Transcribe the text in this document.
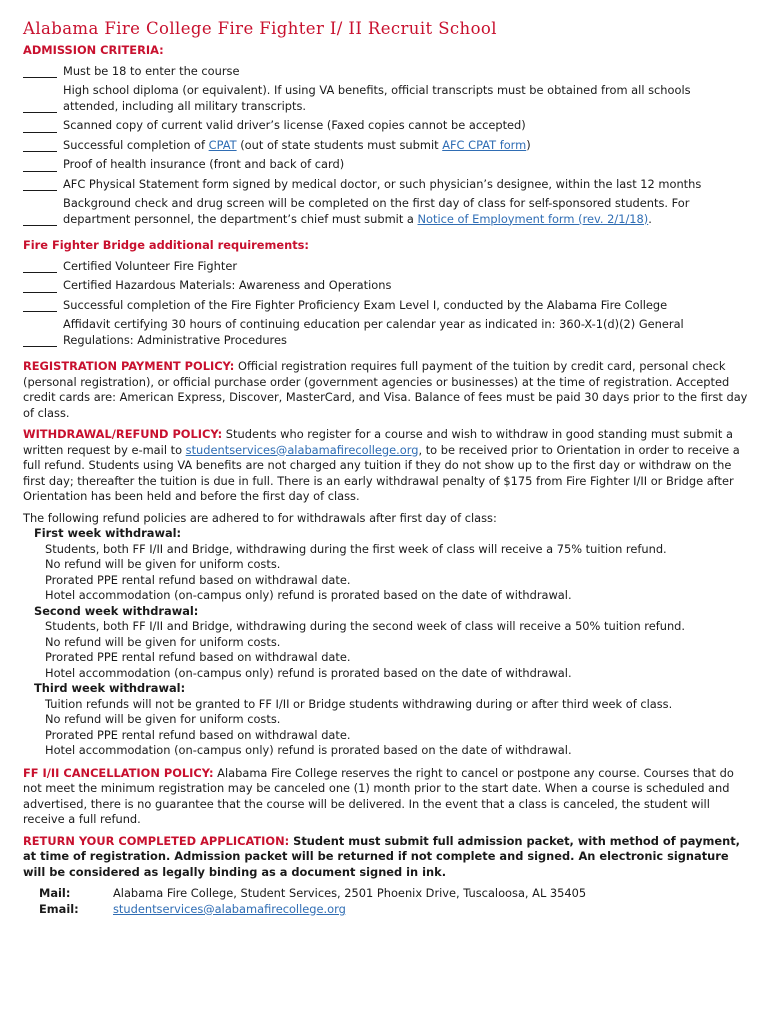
Alabama Fire College Fire Fighter I/ II Recruit School
ADMISSION CRITERIA:
Must be 18 to enter the course
High school diploma (or equivalent). If using VA benefits, official transcripts must be obtained from all schools attended, including all military transcripts.
Scanned copy of current valid driver’s license (Faxed copies cannot be accepted)
Successful completion of CPAT (out of state students must submit AFC CPAT form)
Proof of health insurance (front and back of card)
AFC Physical Statement form signed by medical doctor, or such physician’s designee, within the last 12 months
Background check and drug screen will be completed on the first day of class for self-sponsored students. For department personnel, the department’s chief must submit a Notice of Employment form (rev. 2/1/18).
Fire Fighter Bridge additional requirements:
Certified Volunteer Fire Fighter
Certified Hazardous Materials: Awareness and Operations
Successful completion of the Fire Fighter Proficiency Exam Level I, conducted by the Alabama Fire College
Affidavit certifying 30 hours of continuing education per calendar year as indicated in: 360-X-1(d)(2) General Regulations: Administrative Procedures

REGISTRATION PAYMENT POLICY: Official registration requires full payment of the tuition by credit card, personal check (personal registration), or official purchase order (government agencies or businesses) at the time of registration. Accepted credit cards are: American Express, Discover, MasterCard, and Visa. Balance of fees must be paid 30 days prior to the first day of class.

WITHDRAWAL/REFUND POLICY: Students who register for a course and wish to withdraw in good standing must submit a written request by e-mail to studentservices@alabamafirecollege.org, to be received prior to Orientation in order to receive a full refund. Students using VA benefits are not charged any tuition if they do not show up to the first day or withdraw on the first day; thereafter the tuition is due in full. There is an early withdrawal penalty of $175 from Fire Fighter I/II or Bridge after Orientation has been held and before the first day of class.

The following refund policies are adhered to for withdrawals after first day of class:
First week withdrawal:
Students, both FF I/II and Bridge, withdrawing during the first week of class will receive a 75% tuition refund.
No refund will be given for uniform costs.
Prorated PPE rental refund based on withdrawal date.
Hotel accommodation (on-campus only) refund is prorated based on the date of withdrawal.
Second week withdrawal:
Students, both FF I/II and Bridge, withdrawing during the second week of class will receive a 50% tuition refund.
No refund will be given for uniform costs.
Prorated PPE rental refund based on withdrawal date.
Hotel accommodation (on-campus only) refund is prorated based on the date of withdrawal.
Third week withdrawal:
Tuition refunds will not be granted to FF I/II or Bridge students withdrawing during or after third week of class.
No refund will be given for uniform costs.
Prorated PPE rental refund based on withdrawal date.
Hotel accommodation (on-campus only) refund is prorated based on the date of withdrawal.

FF I/II CANCELLATION POLICY: Alabama Fire College reserves the right to cancel or postpone any course. Courses that do not meet the minimum registration may be canceled one (1) month prior to the start date. When a course is scheduled and advertised, there is no guarantee that the course will be delivered. In the event that a class is canceled, the student will receive a full refund.

RETURN YOUR COMPLETED APPLICATION: Student must submit full admission packet, with method of payment, at time of registration. Admission packet will be returned if not complete and signed. An electronic signature will be considered as legally binding as a document signed in ink.

Mail:	Alabama Fire College, Student Services, 2501 Phoenix Drive, Tuscaloosa, AL 35405
Email:	studentservices@alabamafirecollege.org
